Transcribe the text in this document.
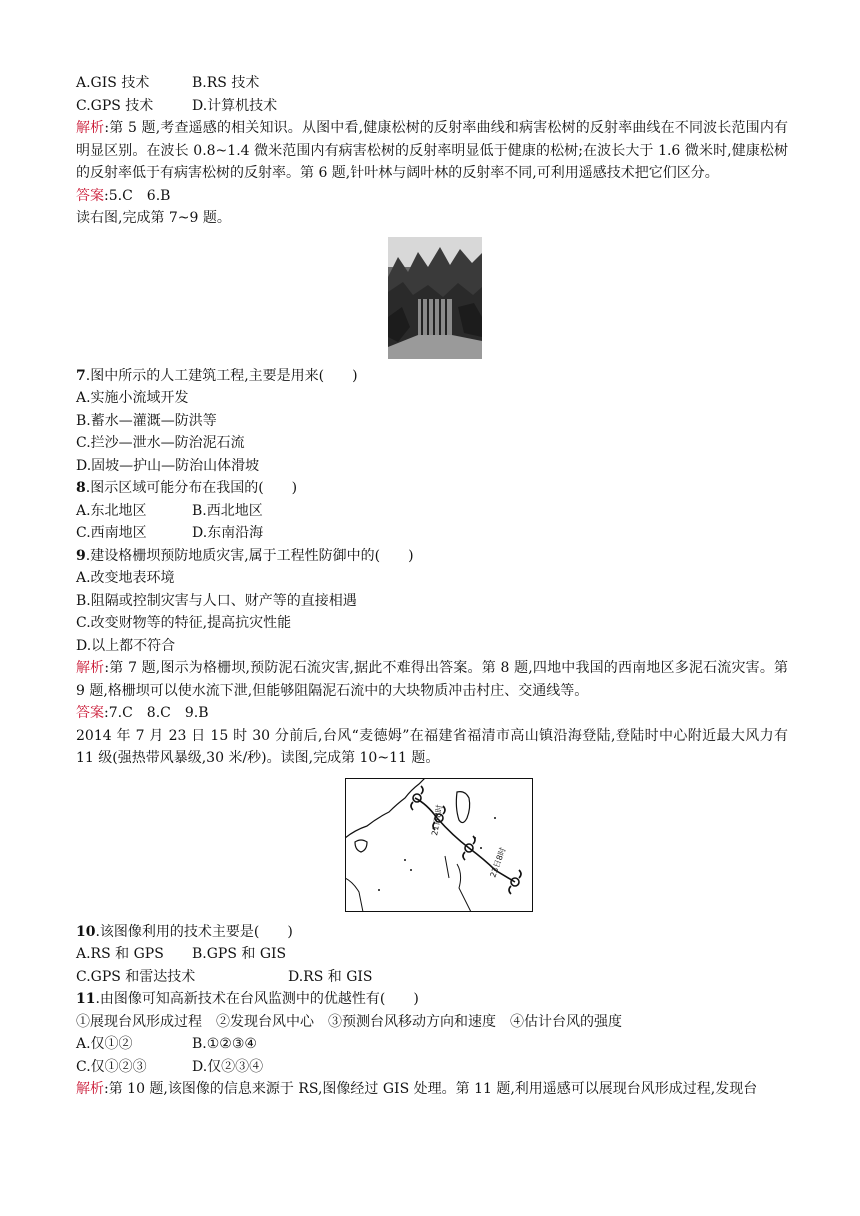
A.GIS 技术	B.RS 技术
C.GPS 技术	D.计算机技术
解析:第 5 题,考查遥感的相关知识。从图中看,健康松树的反射率曲线和病害松树的反射率曲线在不同波长范围内有明显区别。在波长 0.8~1.4 微米范围内有病害松树的反射率明显低于健康的松树;在波长大于 1.6 微米时,健康松树的反射率低于有病害松树的反射率。第 6 题,针叶林与阔叶林的反射率不同,可利用遥感技术把它们区分。
答案:5.C　6.B
读右图,完成第 7~9 题。
7.图中所示的人工建筑工程,主要是用来(　　)
A.实施小流域开发
B.蓄水—灌溉—防洪等
C.拦沙—泄水—防治泥石流
D.固坡—护山—防治山体滑坡
8.图示区域可能分布在我国的(　　)
A.东北地区	B.西北地区
C.西南地区	D.东南沿海
9.建设格栅坝预防地质灾害,属于工程性防御中的(　　)
A.改变地表环境
B.阻隔或控制灾害与人口、财产等的直接相遇
C.改变财物等的特征,提高抗灾性能
D.以上都不符合
解析:第 7 题,图示为格栅坝,预防泥石流灾害,据此不难得出答案。第 8 题,四地中我国的西南地区多泥石流灾害。第 9 题,格栅坝可以使水流下泄,但能够阻隔泥石流中的大块物质冲击村庄、交通线等。
答案:7.C　8.C　9.B
2014 年 7 月 23 日 15 时 30 分前后,台风“麦德姆”在福建省福清市高山镇沿海登陆,登陆时中心附近最大风力有 11 级(强热带风暴级,30 米/秒)。读图,完成第 10~11 题。
21日8时
23日8时
10.该图像利用的技术主要是(　　)
A.RS 和 GPS	B.GPS 和 GIS
C.GPS 和雷达技术	D.RS 和 GIS
11.由图像可知高新技术在台风监测中的优越性有(　　)
①展现台风形成过程　②发现台风中心　③预测台风移动方向和速度　④估计台风的强度
A.仅①②	B.①②③④
C.仅①②③	D.仅②③④
解析:第 10 题,该图像的信息来源于 RS,图像经过 GIS 处理。第 11 题,利用遥感可以展现台风形成过程,发现台
